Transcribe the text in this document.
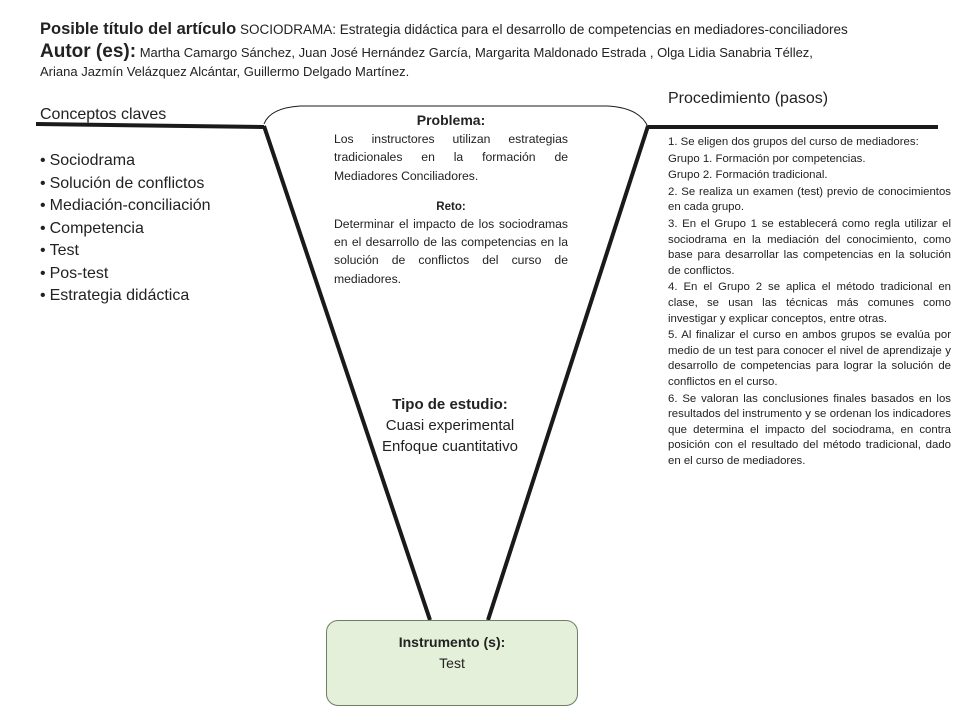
Posible título del artículo SOCIODRAMA: Estrategia didáctica para el desarrollo de competencias en mediadores-conciliadores
Autor (es): Martha Camargo Sánchez, Juan José Hernández García, Margarita Maldonado Estrada , Olga Lidia Sanabria Téllez,
Ariana Jazmín Velázquez Alcántar, Guillermo Delgado Martínez.
Conceptos claves
• Sociodrama
• Solución de conflictos
• Mediación-conciliación
• Competencia
• Test
• Pos-test
• Estrategia didáctica
Problema:
Los instructores utilizan estrategias tradicionales en la formación de Mediadores Conciliadores.
Reto:
Determinar el impacto de los sociodramas en el desarrollo de las competencias en la solución de conflictos del curso de mediadores.
Tipo de estudio:
Cuasi experimental
Enfoque cuantitativo
Instrumento (s):
Test
Procedimiento (pasos)

1. Se eligen dos grupos del curso de mediadores:

Grupo 1. Formación por competencias.

Grupo 2. Formación tradicional.

2. Se realiza un examen (test) previo de conocimientos en cada grupo.

3. En el Grupo 1 se establecerá como regla utilizar el sociodrama en la mediación del conocimiento, como base para desarrollar las competencias en la solución de conflictos.

4. En el Grupo 2 se aplica el método tradicional en clase, se usan las técnicas más comunes como investigar y explicar conceptos, entre otras.

5. Al finalizar el curso en ambos grupos se evalúa por medio de un test para conocer el nivel de aprendizaje y desarrollo de competencias para lograr la solución de conflictos en el curso.

6. Se valoran las conclusiones finales basados en los resultados del instrumento y se ordenan los indicadores que determina el impacto del sociodrama, en contra posición con el resultado del método tradicional, dado en el curso de mediadores.
